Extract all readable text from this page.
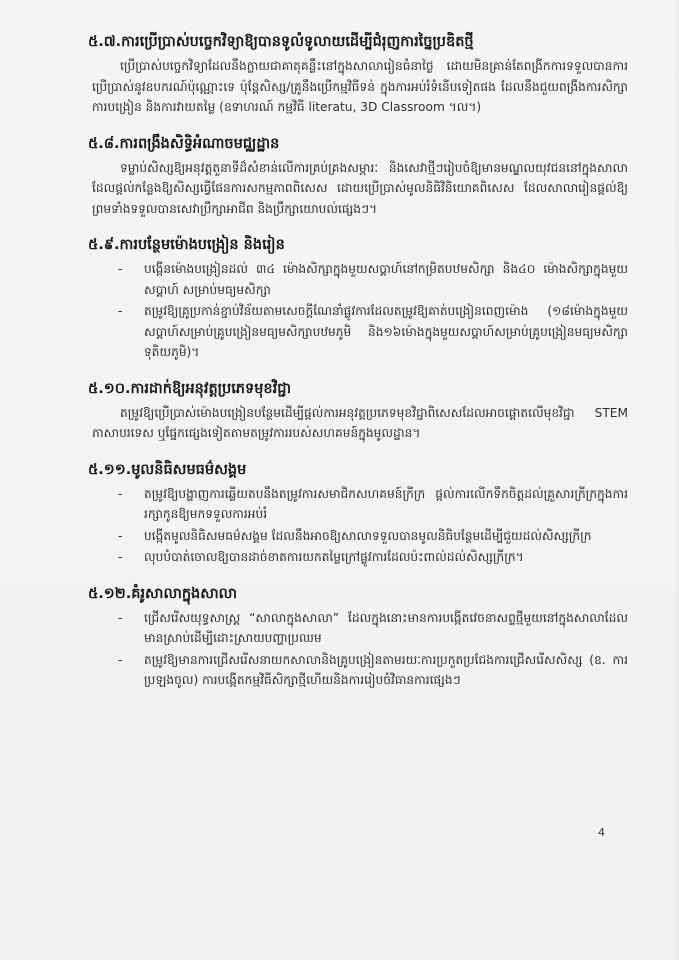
៥.៧.ការប្រើប្រាស់បច្ចេកវិទ្យាឱ្យបានទូលំទូលាយដើម្បីជំរុញការច្នៃប្រឌិតថ្មី

ប្រើប្រាស់បច្ចេកវិទ្យាដែលនឹងក្លាយជាគាតុគន្លឹះនៅក្នុងសាលារៀនធំនាថ្ងៃ ដោយមិនគ្រាន់តែពង្រីកការទទួលបានការប្រើប្រាស់នូវឧបករណ៍ប៉ុណ្ណោះទេ ប៉ុន្តែសិស្ស/គ្រូនឹងប្រើកម្មវិធីទន់ ក្នុងការអប់រំទំនើបទៀតផង ដែលនឹងជួយពង្រឹងការសិក្សា ការបង្រៀន និងការវាយតម្លៃ (ឧទាហរណ៍ កម្មវិធី literatu, 3D Classroom ។ល។)

៥.៨.ការពង្រឹងសិទ្ធិអំណាចមជ្ឈដ្ឋាន

ទម្លាប់សិស្សឱ្យអនុវត្តតួនាទីដ៏សំខាន់លើការគ្រប់គ្រងសម្ភារៈ និងសេវាថ្មីៗរៀបចំឱ្យមានមណ្ឌលយុវជននៅក្នុងសាលា ដែលផ្តល់កន្លែងឱ្យសិស្សធ្វើផែនការសកម្មភាពពិសេស ដោយប្រើប្រាស់មូលនិធិវិនិយោគពិសេស ដែលសាលារៀនផ្តល់ឱ្យ ព្រមទាំងទទួលបានសេវាប្រឹក្សាអាជីព និងប្រឹក្សាយោបល់ផ្សេងៗ។

៥.៩.ការបន្ថែមម៉ោងបង្រៀន និងរៀន
- បង្កើនម៉ោងបង្រៀនដល់ ៣៤ ម៉ោងសិក្សាក្នុងមួយសប្តាហ៍នៅកម្រិតបឋមសិក្សា និង៤០ ម៉ោងសិក្សាក្នុងមួយសប្តាហ៍ សម្រាប់មធ្យមសិក្សា
- តម្រូវឱ្យគ្រូប្រកាន់ខ្ជាប់វិន័យតាមសេចក្តីណែនាំផ្លូវការដែលតម្រូវឱ្យគាត់បង្រៀនពេញម៉ោង (១៨ម៉ោងក្នុងមួយសប្តាហ៍សម្រាប់គ្រូបង្រៀនមធ្យមសិក្សាបឋមភូមិ និង១៦ម៉ោងក្នុងមួយសប្តាហ៍សម្រាប់គ្រូបង្រៀនមធ្យមសិក្សាទុតិយភូមិ)។
៥.១០.ការដាក់ឱ្យអនុវត្តប្រភេទមុខវិជ្ជា

តម្រូវឱ្យប្រើប្រាស់ម៉ោងបង្រៀនបន្ថែមដើម្បីផ្តល់ការអនុវត្តប្រភេទមុខវិជ្ជាពិសេសដែលអាចផ្តោតលើមុខវិជ្ជា STEM ភាសាបរទេស ឬផ្នែកផ្សេងទៀតតាមតម្រូវការរបស់សហគមន៍ក្នុងមូលដ្ឋាន។

៥.១១.មូលនិធិសមធម៌សង្គម
- តម្រូវឱ្យបង្ហាញការឆ្លើយតបនឹងតម្រូវការសមាជិកសហគមន៍ក្រីក្រ ផ្តល់ការលើកទឹកចិត្តដល់គ្រួសារក្រីក្រក្នុងការរក្សាកូនឱ្យមកទទួលការអប់រំ
- បង្កើតមូលនិធិសមធម៌សង្គម ដែលនឹងអាចឱ្យសាលាទទួលបានមូលនិធិបន្ថែមដើម្បីជួយដល់សិស្សក្រីក្រ
- លុបបំបាត់ចោលឱ្យបានដាច់ខាតការយកតម្លៃក្រៅផ្លូវការដែលប៉ះពាល់ដល់សិស្សក្រីក្រ។
៥.១២.គំរូសាលាក្នុងសាលា
- ជ្រើសរើសយុទ្ធសាស្ត្រ “សាលាក្នុងសាលា” ដែលក្នុងនោះមានការបង្កើតវេចនាសព្ទថ្មីមួយនៅក្នុងសាលាដែលមានស្រាប់ដើម្បីដោះស្រាយបញ្ហាប្រឈម
- តម្រូវឱ្យមានការជ្រើសរើសនាយកសាលានិងគ្រូបង្រៀនតាមរយៈការប្រកួតប្រជែងការជ្រើសរើសសិស្ស (ឧ. ការប្រឡងចូល) ការបង្កើតកម្មវិធីសិក្សាថ្មីហើយនិងការរៀបចំវិធានការផ្សេងៗ
4
